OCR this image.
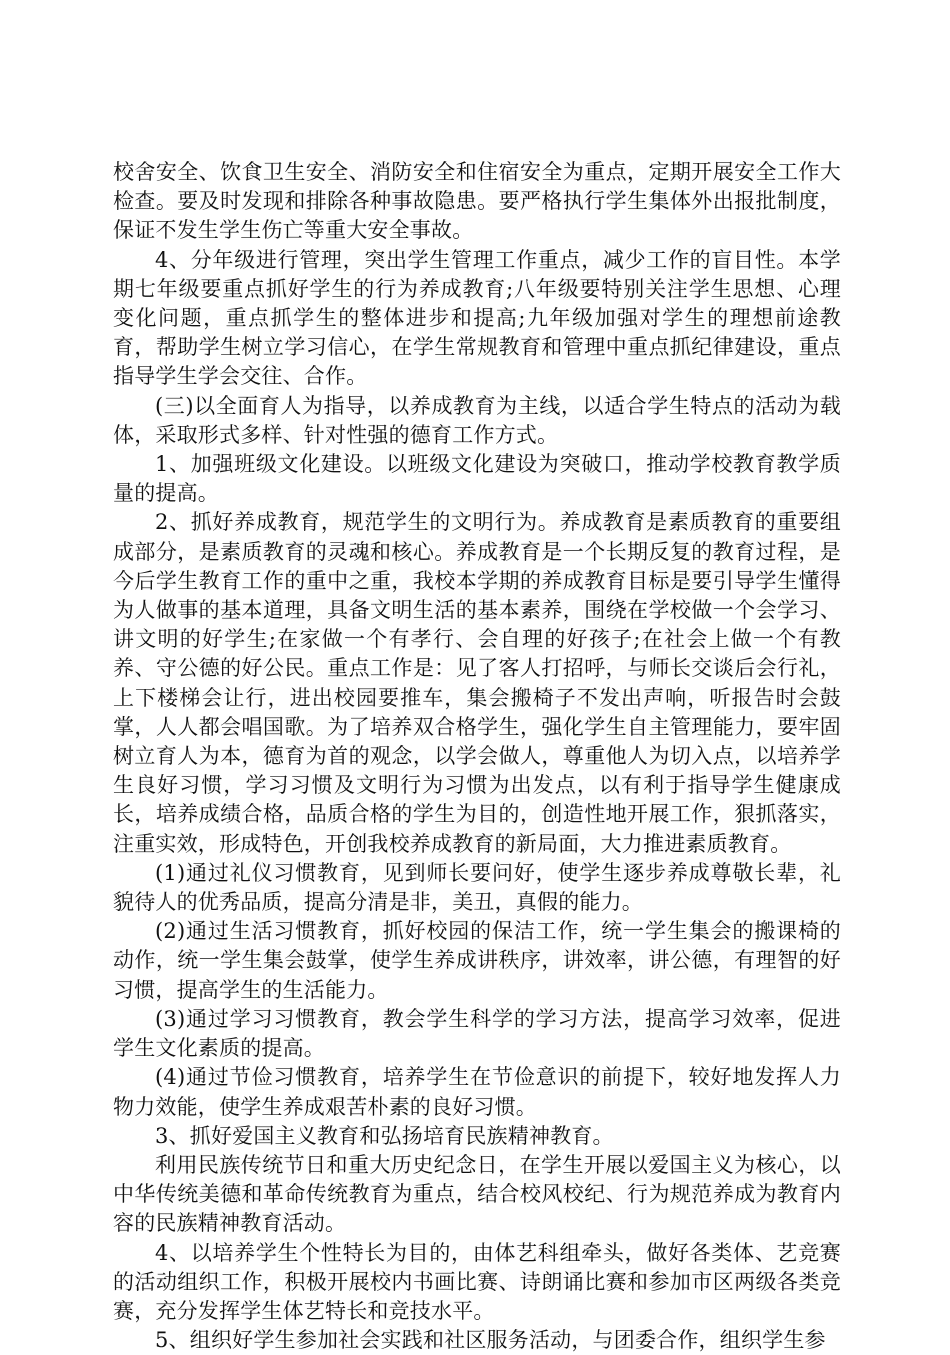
校舍安全、饮食卫生安全、消防安全和住宿安全为重点，定期开展安全工作大检查。要及时发现和排除各种事故隐患。要严格执行学生集体外出报批制度，保证不发生学生伤亡等重大安全事故。

4、分年级进行管理，突出学生管理工作重点，减少工作的盲目性。本学期七年级要重点抓好学生的行为养成教育;八年级要特别关注学生思想、心理变化问题，重点抓学生的整体进步和提高;九年级加强对学生的理想前途教育，帮助学生树立学习信心，在学生常规教育和管理中重点抓纪律建设，重点指导学生学会交往、合作。

(三)以全面育人为指导，以养成教育为主线，以适合学生特点的活动为载体，采取形式多样、针对性强的德育工作方式。

1、加强班级文化建设。以班级文化建设为突破口，推动学校教育教学质量的提高。

2、抓好养成教育，规范学生的文明行为。养成教育是素质教育的重要组成部分，是素质教育的灵魂和核心。养成教育是一个长期反复的教育过程，是今后学生教育工作的重中之重，我校本学期的养成教育目标是要引导学生懂得为人做事的基本道理，具备文明生活的基本素养，围绕在学校做一个会学习、讲文明的好学生;在家做一个有孝行、会自理的好孩子;在社会上做一个有教养、守公德的好公民。重点工作是：见了客人打招呼，与师长交谈后会行礼，上下楼梯会让行，进出校园要推车，集会搬椅子不发出声响，听报告时会鼓掌，人人都会唱国歌。为了培养双合格学生，强化学生自主管理能力，要牢固树立育人为本，德育为首的观念，以学会做人，尊重他人为切入点，以培养学生良好习惯，学习习惯及文明行为习惯为出发点，以有利于指导学生健康成长，培养成绩合格，品质合格的学生为目的，创造性地开展工作，狠抓落实，注重实效，形成特色，开创我校养成教育的新局面，大力推进素质教育。

(1)通过礼仪习惯教育，见到师长要问好，使学生逐步养成尊敬长辈，礼貌待人的优秀品质，提高分清是非，美丑，真假的能力。

(2)通过生活习惯教育，抓好校园的保洁工作，统一学生集会的搬课椅的动作，统一学生集会鼓掌，使学生养成讲秩序，讲效率，讲公德，有理智的好习惯，提高学生的生活能力。

(3)通过学习习惯教育，教会学生科学的学习方法，提高学习效率，促进学生文化素质的提高。

(4)通过节俭习惯教育，培养学生在节俭意识的前提下，较好地发挥人力物力效能，使学生养成艰苦朴素的良好习惯。

3、抓好爱国主义教育和弘扬培育民族精神教育。

利用民族传统节日和重大历史纪念日，在学生开展以爱国主义为核心，以中华传统美德和革命传统教育为重点，结合校风校纪、行为规范养成为教育内容的民族精神教育活动。

4、以培养学生个性特长为目的，由体艺科组牵头，做好各类体、艺竞赛的活动组织工作，积极开展校内书画比赛、诗朗诵比赛和参加市区两级各类竞赛，充分发挥学生体艺特长和竞技水平。

5、组织好学生参加社会实践和社区服务活动，与团委合作，组织学生参
